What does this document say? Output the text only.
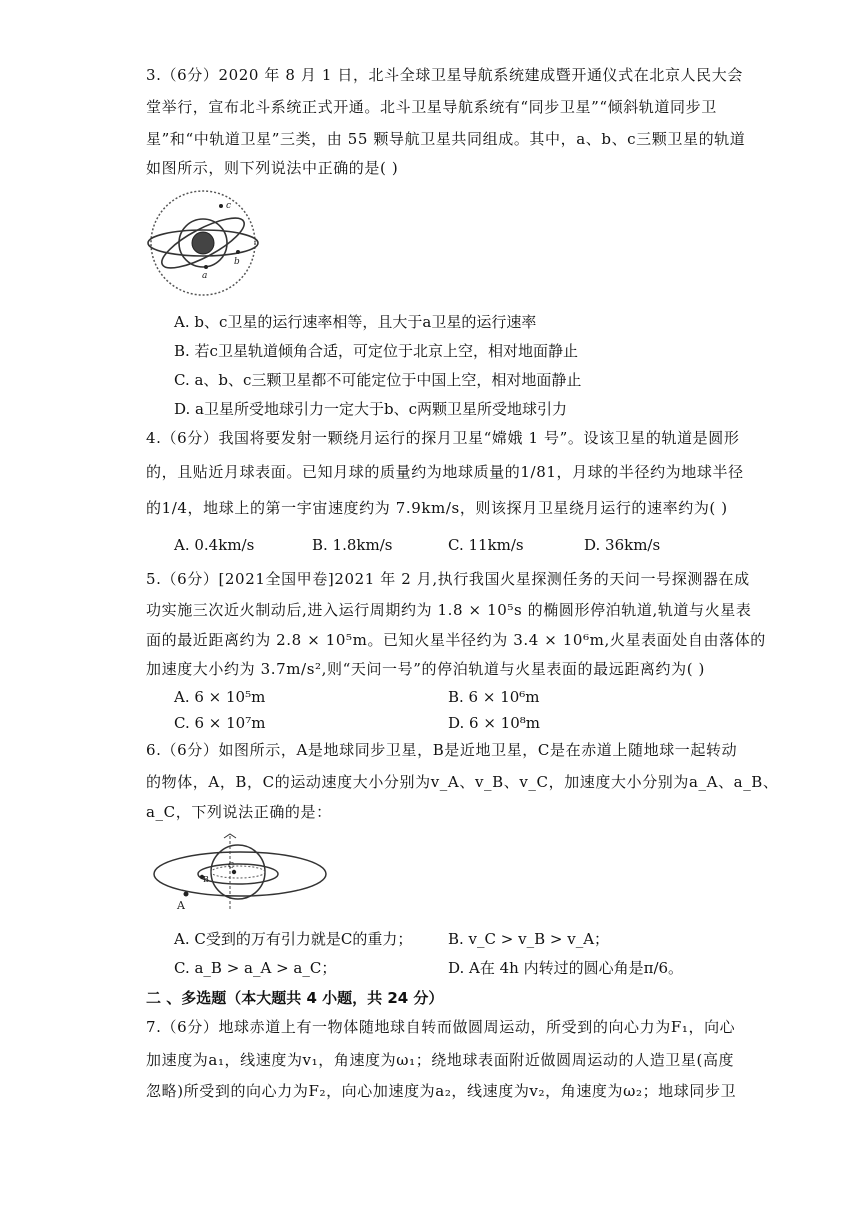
3.（6分）2020 年 8 月 1 日，北斗全球卫星导航系统建成暨开通仪式在北京人民大会
堂举行，宣布北斗系统正式开通。北斗卫星导航系统有“同步卫星”“倾斜轨道同步卫
星”和“中轨道卫星”三类，由 55 颗导航卫星共同组成。其中，a、b、c三颗卫星的轨道
如图所示，则下列说法中正确的是( )
c
a
b
A. b、c卫星的运行速率相等，且大于a卫星的运行速率
B. 若c卫星轨道倾角合适，可定位于北京上空，相对地面静止
C. a、b、c三颗卫星都不可能定位于中国上空，相对地面静止
D. a卫星所受地球引力一定大于b、c两颗卫星所受地球引力
4.（6分）我国将要发射一颗绕月运行的探月卫星“嫦娥 1 号”。设该卫星的轨道是圆形
的，且贴近月球表面。已知月球的质量约为地球质量的1/81，月球的半径约为地球半径
的1/4，地球上的第一宇宙速度约为 7.9km/s，则该探月卫星绕月运行的速率约为( )
A. 0.4km/s	B. 1.8km/s	C. 11km/s	D. 36km/s
5.（6分）[2021全国甲卷]2021 年 2 月,执行我国火星探测任务的天问一号探测器在成
功实施三次近火制动后,进入运行周期约为 1.8 × 10⁵s 的椭圆形停泊轨道,轨道与火星表
面的最近距离约为 2.8 × 10⁵m。已知火星半径约为 3.4 × 10⁶m,火星表面处自由落体的
加速度大小约为 3.7m/s²,则“天问一号”的停泊轨道与火星表面的最远距离约为( )
A. 6 × 10⁵m	B. 6 × 10⁶m
C. 6 × 10⁷m	D. 6 × 10⁸m
6.（6分）如图所示，A是地球同步卫星，B是近地卫星，C是在赤道上随地球一起转动
的物体，A，B，C的运动速度大小分别为v_A、v_B、v_C，加速度大小分别为a_A、a_B、
a_C，下列说法正确的是：
A
B
C
A. C受到的万有引力就是C的重力； B. v_C > v_B > v_A；
C. a_B > a_A > a_C；	D. A在 4h 内转过的圆心角是π/6。
二 、多选题（本大题共 4 小题，共 24 分）
7.（6分）地球赤道上有一物体随地球自转而做圆周运动，所受到的向心力为F₁，向心
加速度为a₁，线速度为v₁，角速度为ω₁；绕地球表面附近做圆周运动的人造卫星(高度
忽略)所受到的向心力为F₂，向心加速度为a₂，线速度为v₂，角速度为ω₂；地球同步卫
